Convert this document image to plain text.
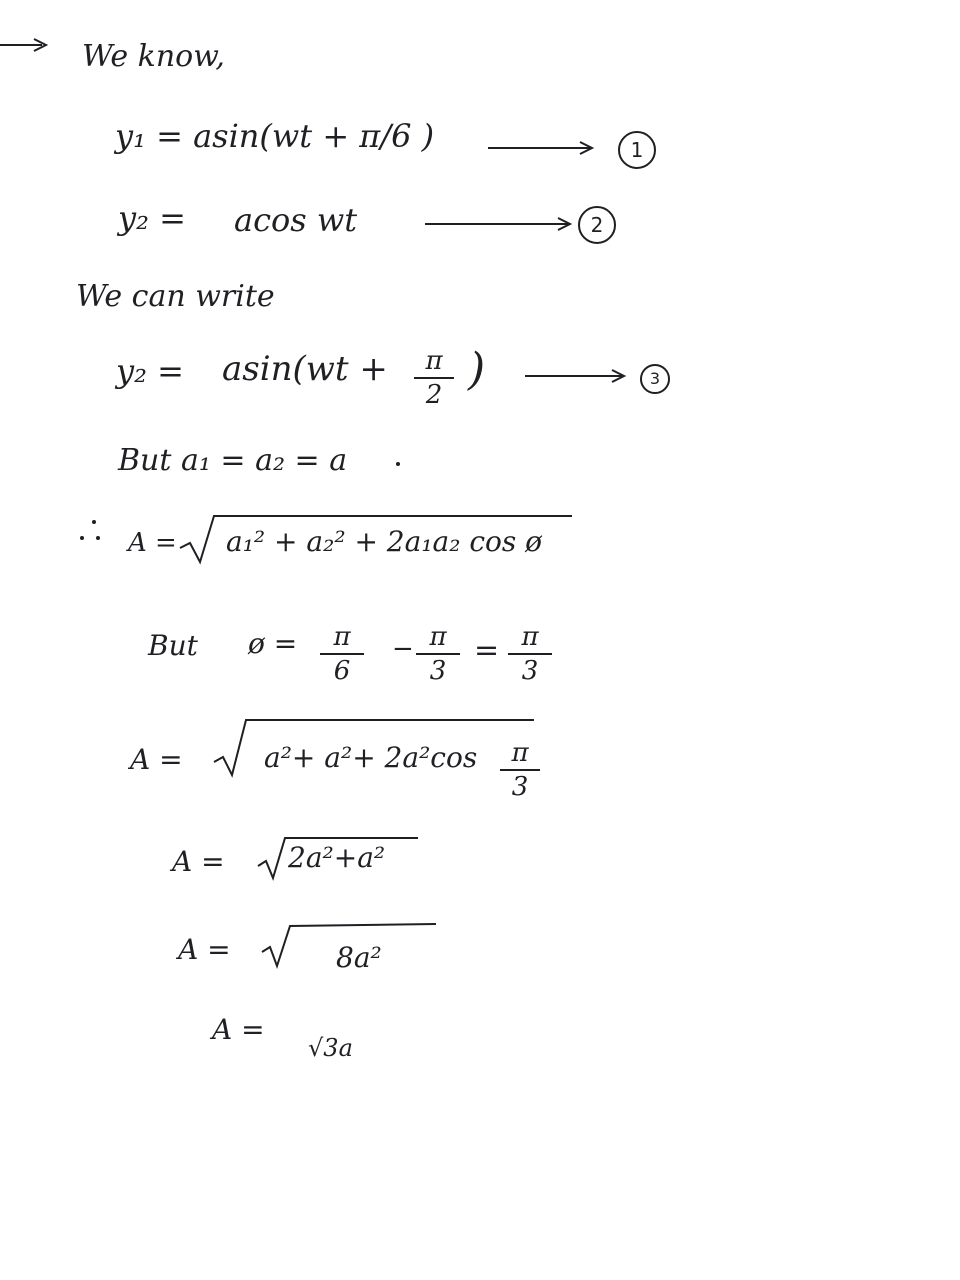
We know,
y₁ = asin(wt + π/6 )	1
y₂ = acos wt	2
We can write
y₂ = asin(wt +	π
2 )	3
But a₁ = a₂ = a
A = a₁² + a₂² + 2a₁a₂ cos ø
But ø =	π
6
− π
3
= π
3
A =	a²+ a²+ 2a²cos	π
3
A = 2a²+a²
A =	8a²
A =
√3a
